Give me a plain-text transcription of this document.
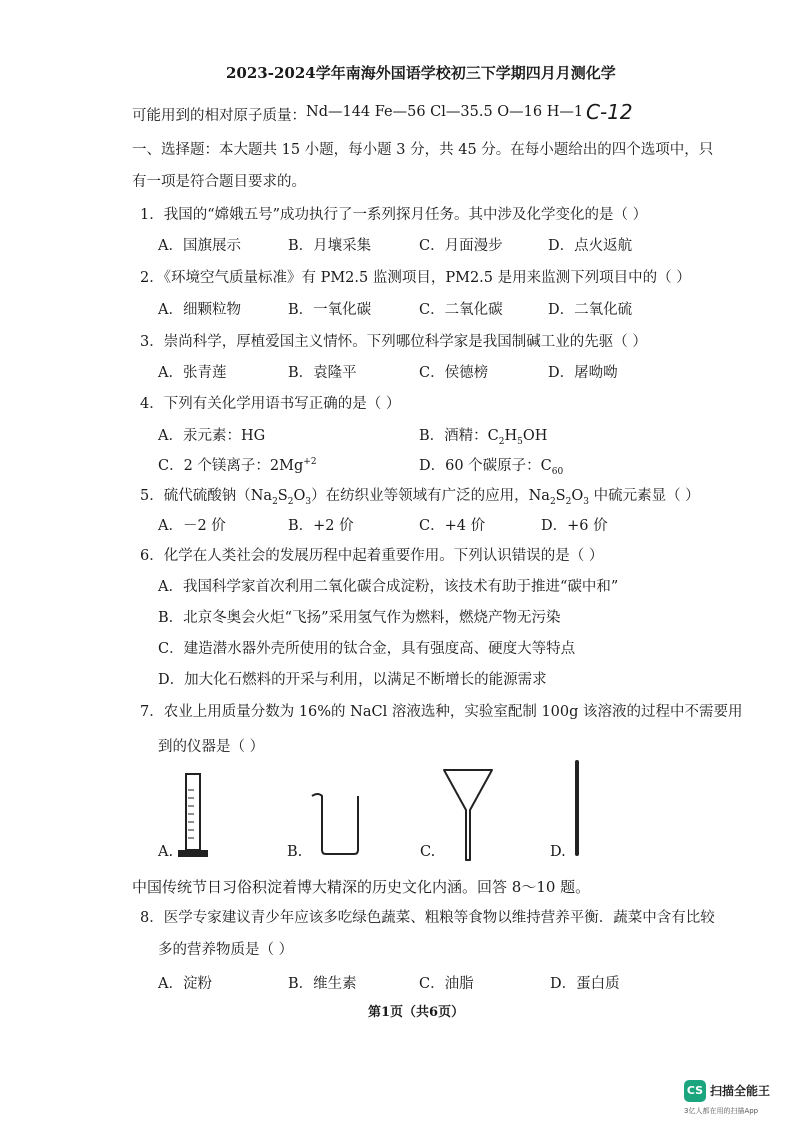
2023-2024学年南海外国语学校初三下学期四月月测化学
可能用到的相对原子质量： Nd—144 Fe—56 Cl—35.5 O—16 H—1 C-12
一、选择题：本大题共 15 小题，每小题 3 分，共 45 分。在每小题给出的四个选项中，只
有一项是符合题目要求的。
1．我国的“嫦娥五号”成功执行了一系列探月任务。其中涉及化学变化的是（ ）
A．国旗展示	B．月壤采集	C．月面漫步	D．点火返航
2．《环境空气质量标准》有 PM2.5 监测项目，PM2.5 是用来监测下列项目中的（ ）
A．细颗粒物	B．一氧化碳	C．二氧化碳	D．二氧化硫
3．崇尚科学，厚植爱国主义情怀。下列哪位科学家是我国制碱工业的先驱（ ）
A．张青莲	B．袁隆平	C．侯德榜	D．屠呦呦
4．下列有关化学用语书写正确的是（ ）
A．汞元素：HG	B．酒精：$C_2H_5OH$
C．2 个镁离子：$2Mg^{+2}$	D．60 个碳原子：$C_{60}$
5．硫代硫酸钠$(Na_2S_2O_3)$在纺织业等领域有广泛的应用，$Na_2S_2O_3$ 中硫元素显（ ）
A．－2 价	B．+2 价	C．+4 价	D．+6 价
6．化学在人类社会的发展历程中起着重要作用。下列认识错误的是（ ）
A．我国科学家首次利用二氧化碳合成淀粉，该技术有助于推进“碳中和”
B．北京冬奥会火炬“飞扬”采用氢气作为燃料，燃烧产物无污染
C．建造潜水器外壳所使用的钛合金，具有强度高、硬度大等特点
D．加大化石燃料的开采与利用，以满足不断增长的能源需求
7．农业上用质量分数为 16%的 NaCl 溶液选种，实验室配制 100g 该溶液的过程中不需要用
到的仪器是（ ）
A.	B.	C.	D.
中国传统节日习俗积淀着博大精深的历史文化内涵。回答 8～10 题。
8．医学专家建议青少年应该多吃绿色蔬菜、粗粮等食物以维持营养平衡．蔬菜中含有比较
多的营养物质是（ ）
A．淀粉	B．维生素	C．油脂	D．蛋白质
第1页（共6页）
CS 扫描全能王
3亿人都在用的扫描App
